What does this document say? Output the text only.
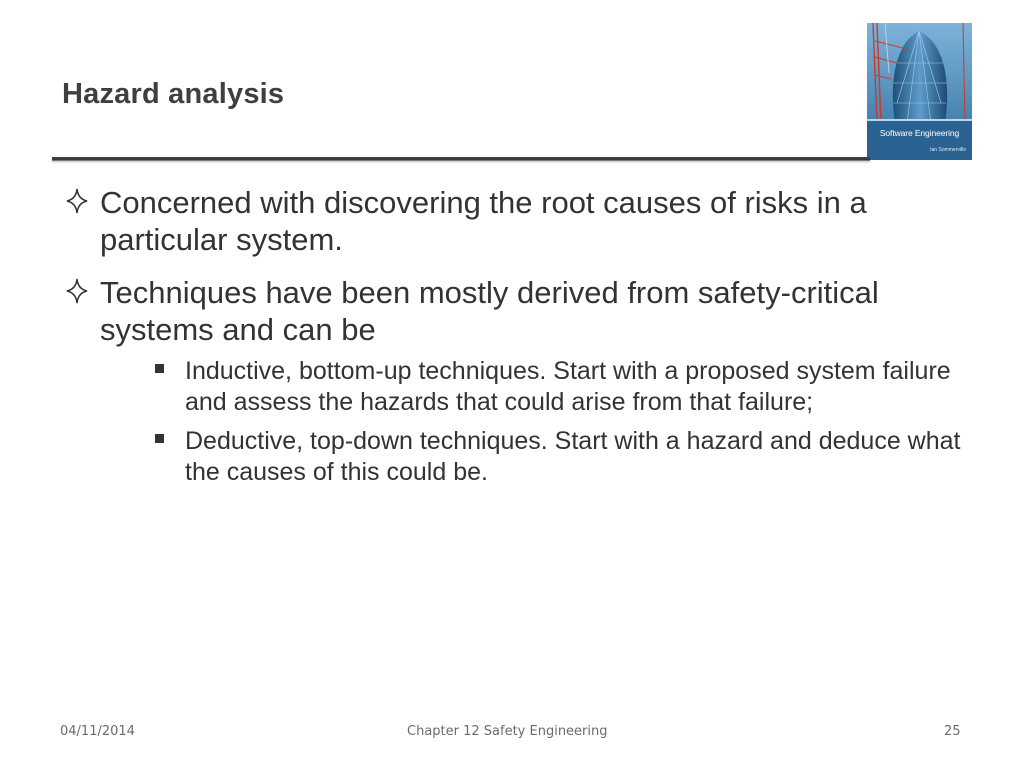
Hazard analysis
Software Engineering
Ian Sommerville
Concerned with discovering the root causes of risks in a particular system.
Techniques have been mostly derived from safety-critical systems and can be
Inductive, bottom-up techniques. Start with a proposed system failure and assess the hazards that could arise from that failure;
Deductive, top-down techniques. Start with a hazard and deduce what the causes of this could be.
04/11/2014	Chapter 12 Safety Engineering	25
